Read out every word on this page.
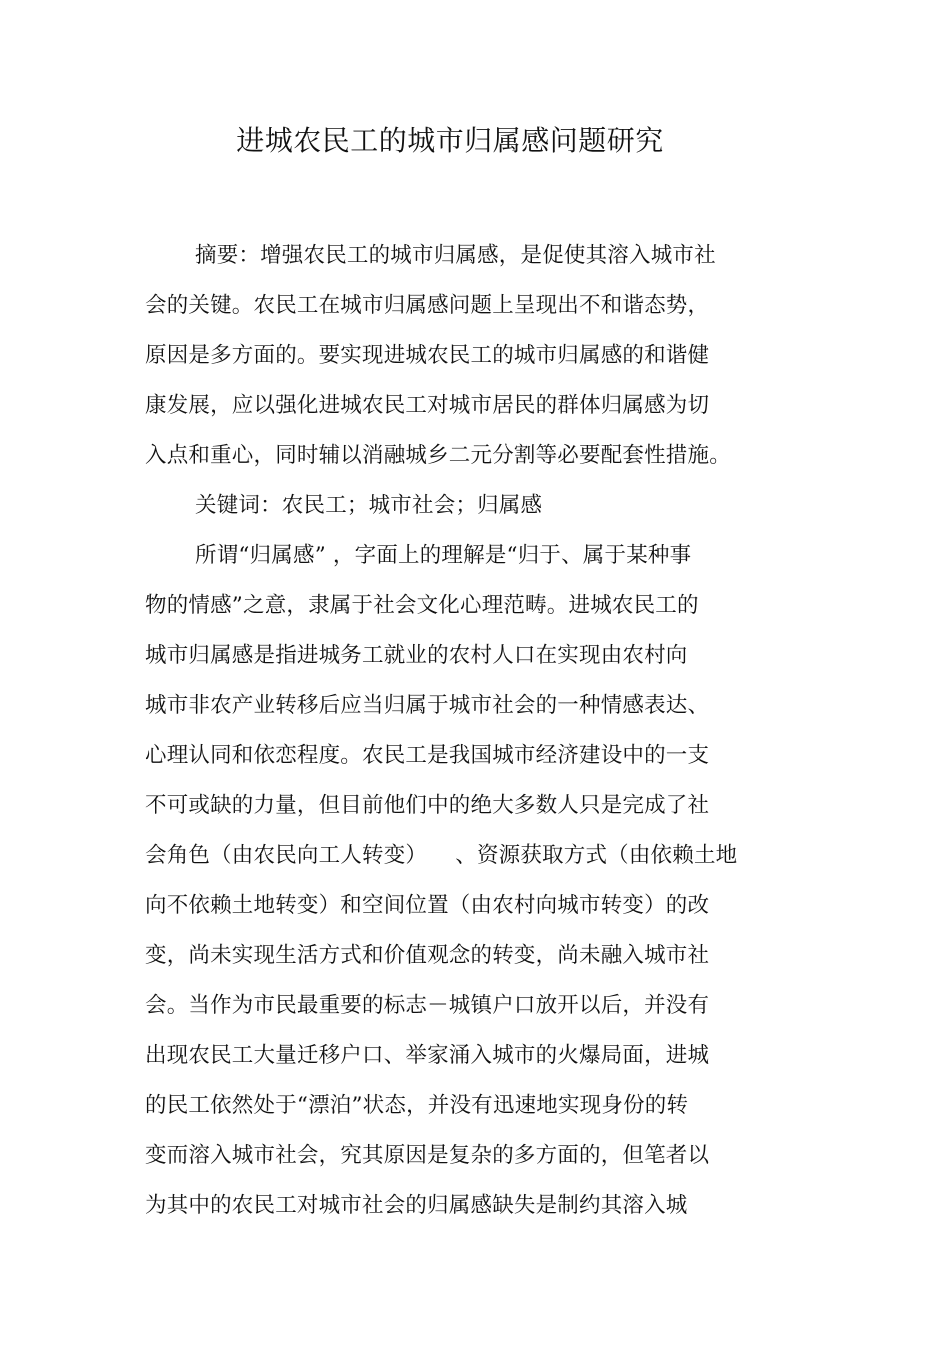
进城农民工的城市归属感问题研究
摘要：增强农民工的城市归属感，是促使其溶入城市社
会的关键。农民工在城市归属感问题上呈现出不和谐态势，
原因是多方面的。要实现进城农民工的城市归属感的和谐健
康发展，应以强化进城农民工对城市居民的群体归属感为切
入点和重心，同时辅以消融城乡二元分割等必要配套性措施。
关键词：农民工；城市社会；归属感
所谓“归属感” ，字面上的理解是“归于、属于某种事
物的情感”之意，隶属于社会文化心理范畴。进城农民工的
城市归属感是指进城务工就业的农村人口在实现由农村向
城市非农产业转移后应当归属于城市社会的一种情感表达、
心理认同和依恋程度。农民工是我国城市经济建设中的一支
不可或缺的力量，但目前他们中的绝大多数人只是完成了社
会角色（由农民向工人转变）    、资源获取方式（由依赖土地
向不依赖土地转变）和空间位置（由农村向城市转变）的改
变，尚未实现生活方式和价值观念的转变，尚未融入城市社
会。当作为市民最重要的标志－城镇户口放开以后，并没有
出现农民工大量迁移户口、举家涌入城市的火爆局面，进城
的民工依然处于“漂泊”状态，并没有迅速地实现身份的转
变而溶入城市社会，究其原因是复杂的多方面的，但笔者以
为其中的农民工对城市社会的归属感缺失是制约其溶入城
